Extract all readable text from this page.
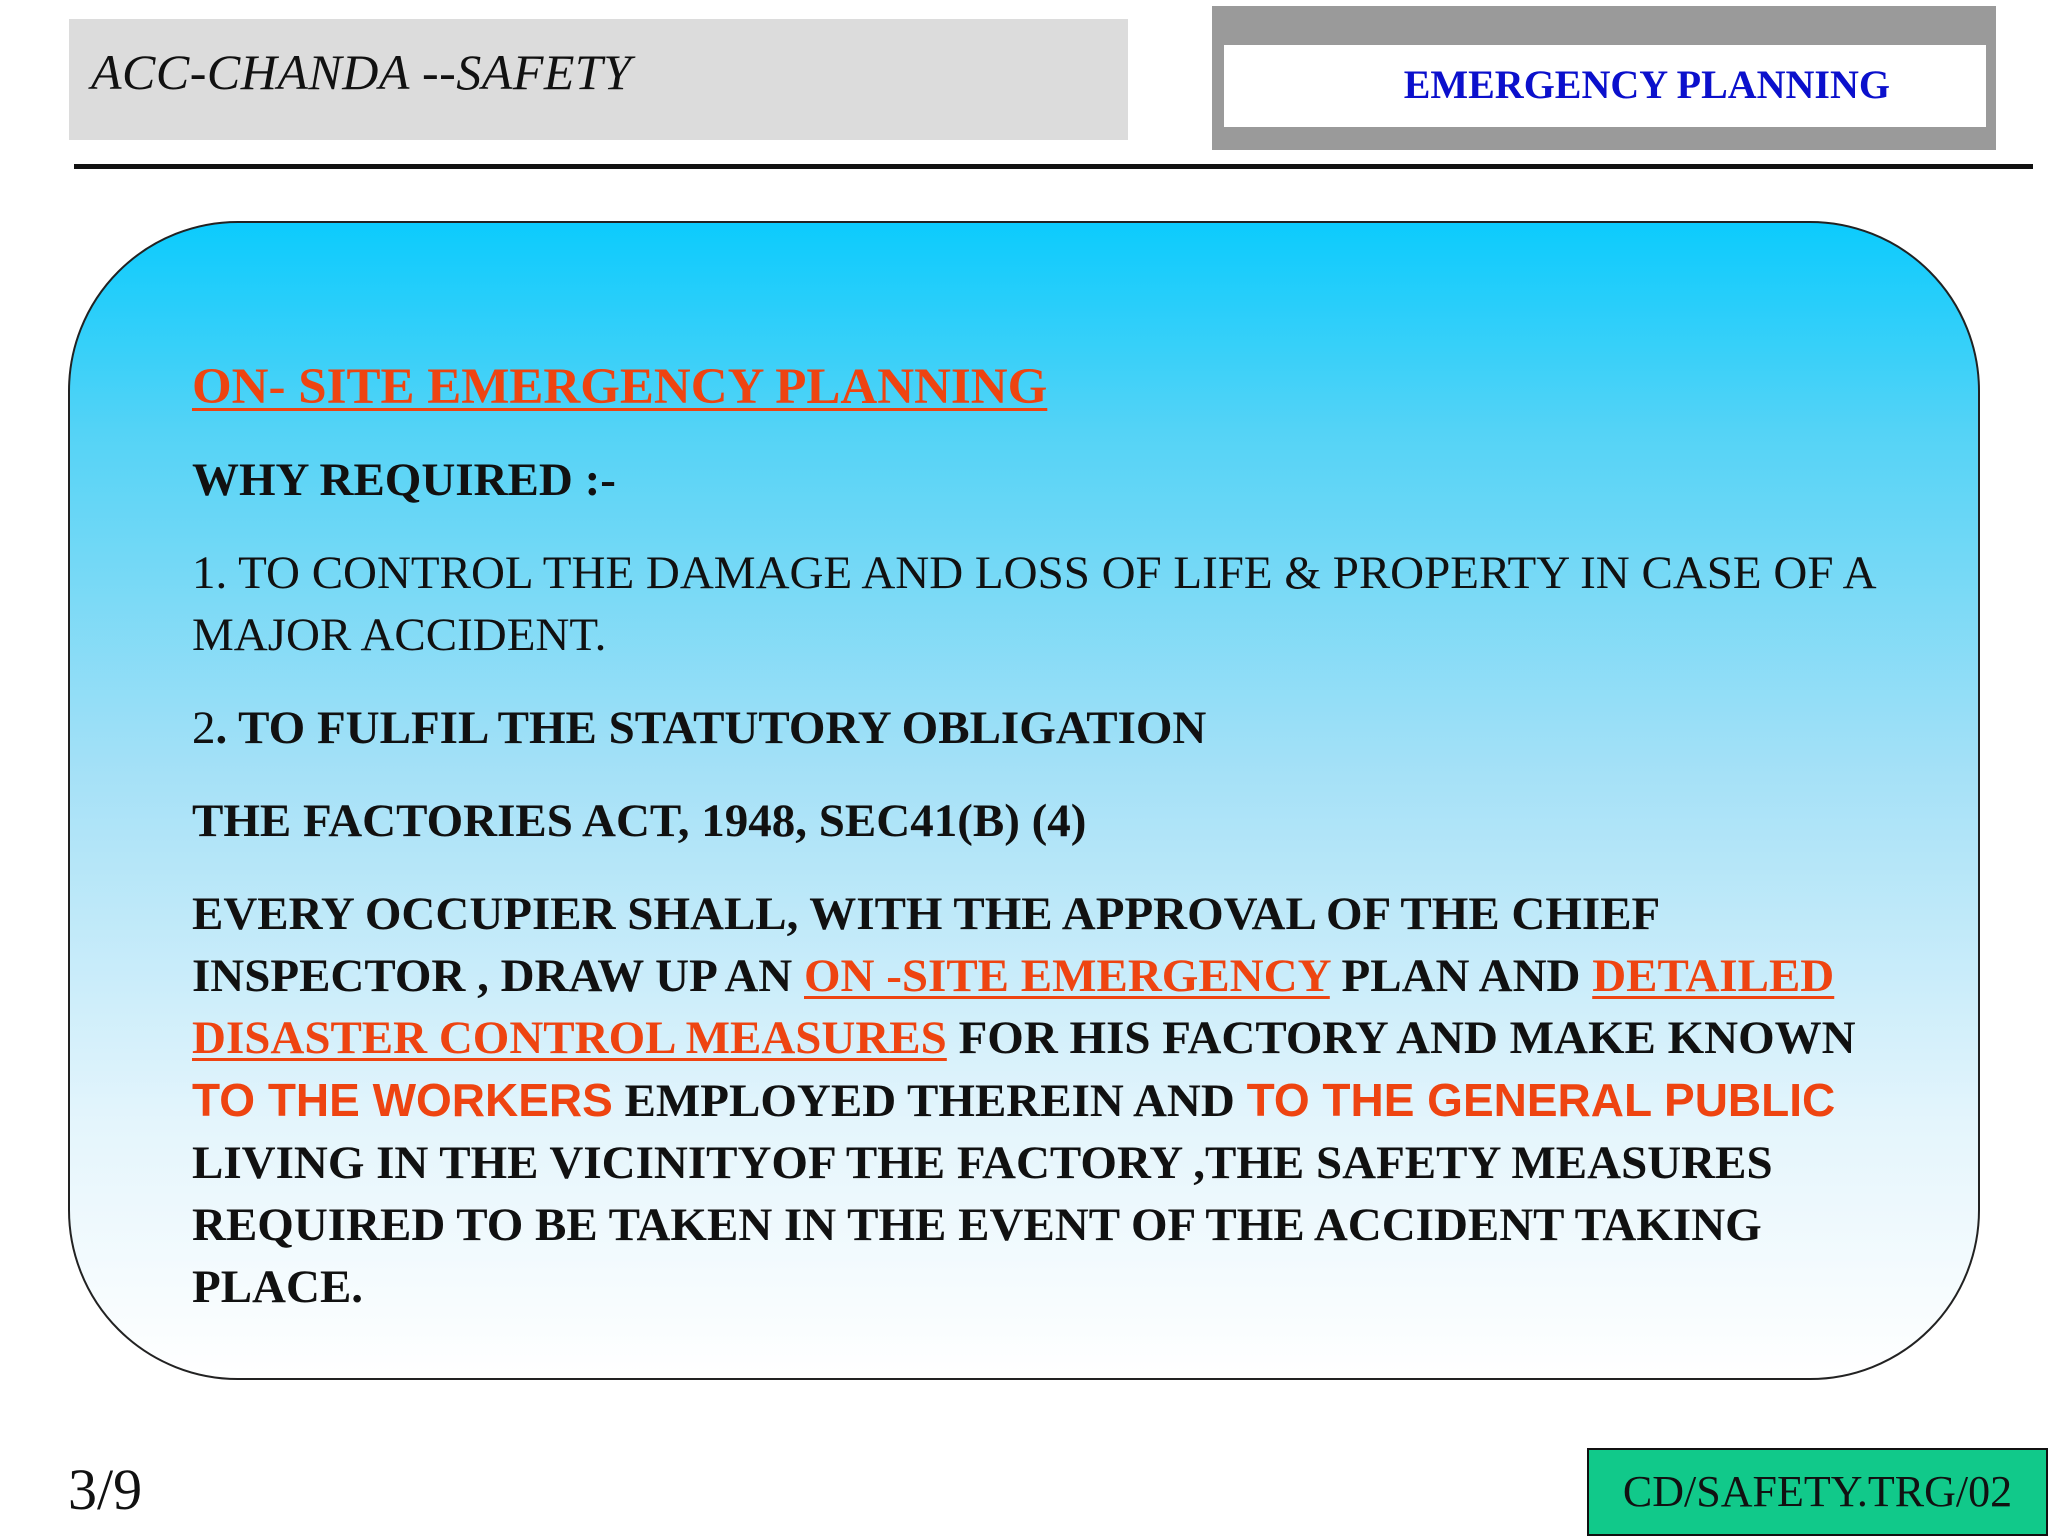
ACC-CHANDA --SAFETY	EMERGENCY PLANNING
ON- SITE EMERGENCY PLANNING
WHY REQUIRED :-
1. TO CONTROL THE DAMAGE AND LOSS OF LIFE & PROPERTY IN CASE OF A MAJOR ACCIDENT.
2. TO FULFIL THE STATUTORY OBLIGATION
THE FACTORIES ACT, 1948, SEC41(B) (4)
EVERY OCCUPIER SHALL, WITH THE APPROVAL OF THE CHIEF INSPECTOR , DRAW UP AN ON -SITE EMERGENCY PLAN AND DETAILED DISASTER CONTROL MEASURES FOR HIS FACTORY AND MAKE KNOWN TO THE WORKERS EMPLOYED THEREIN AND TO THE GENERAL PUBLIC LIVING IN THE VICINITYOF THE FACTORY ,THE SAFETY MEASURES REQUIRED TO BE TAKEN IN THE EVENT OF THE ACCIDENT TAKING PLACE.
3/9	CD/SAFETY.TRG/02
